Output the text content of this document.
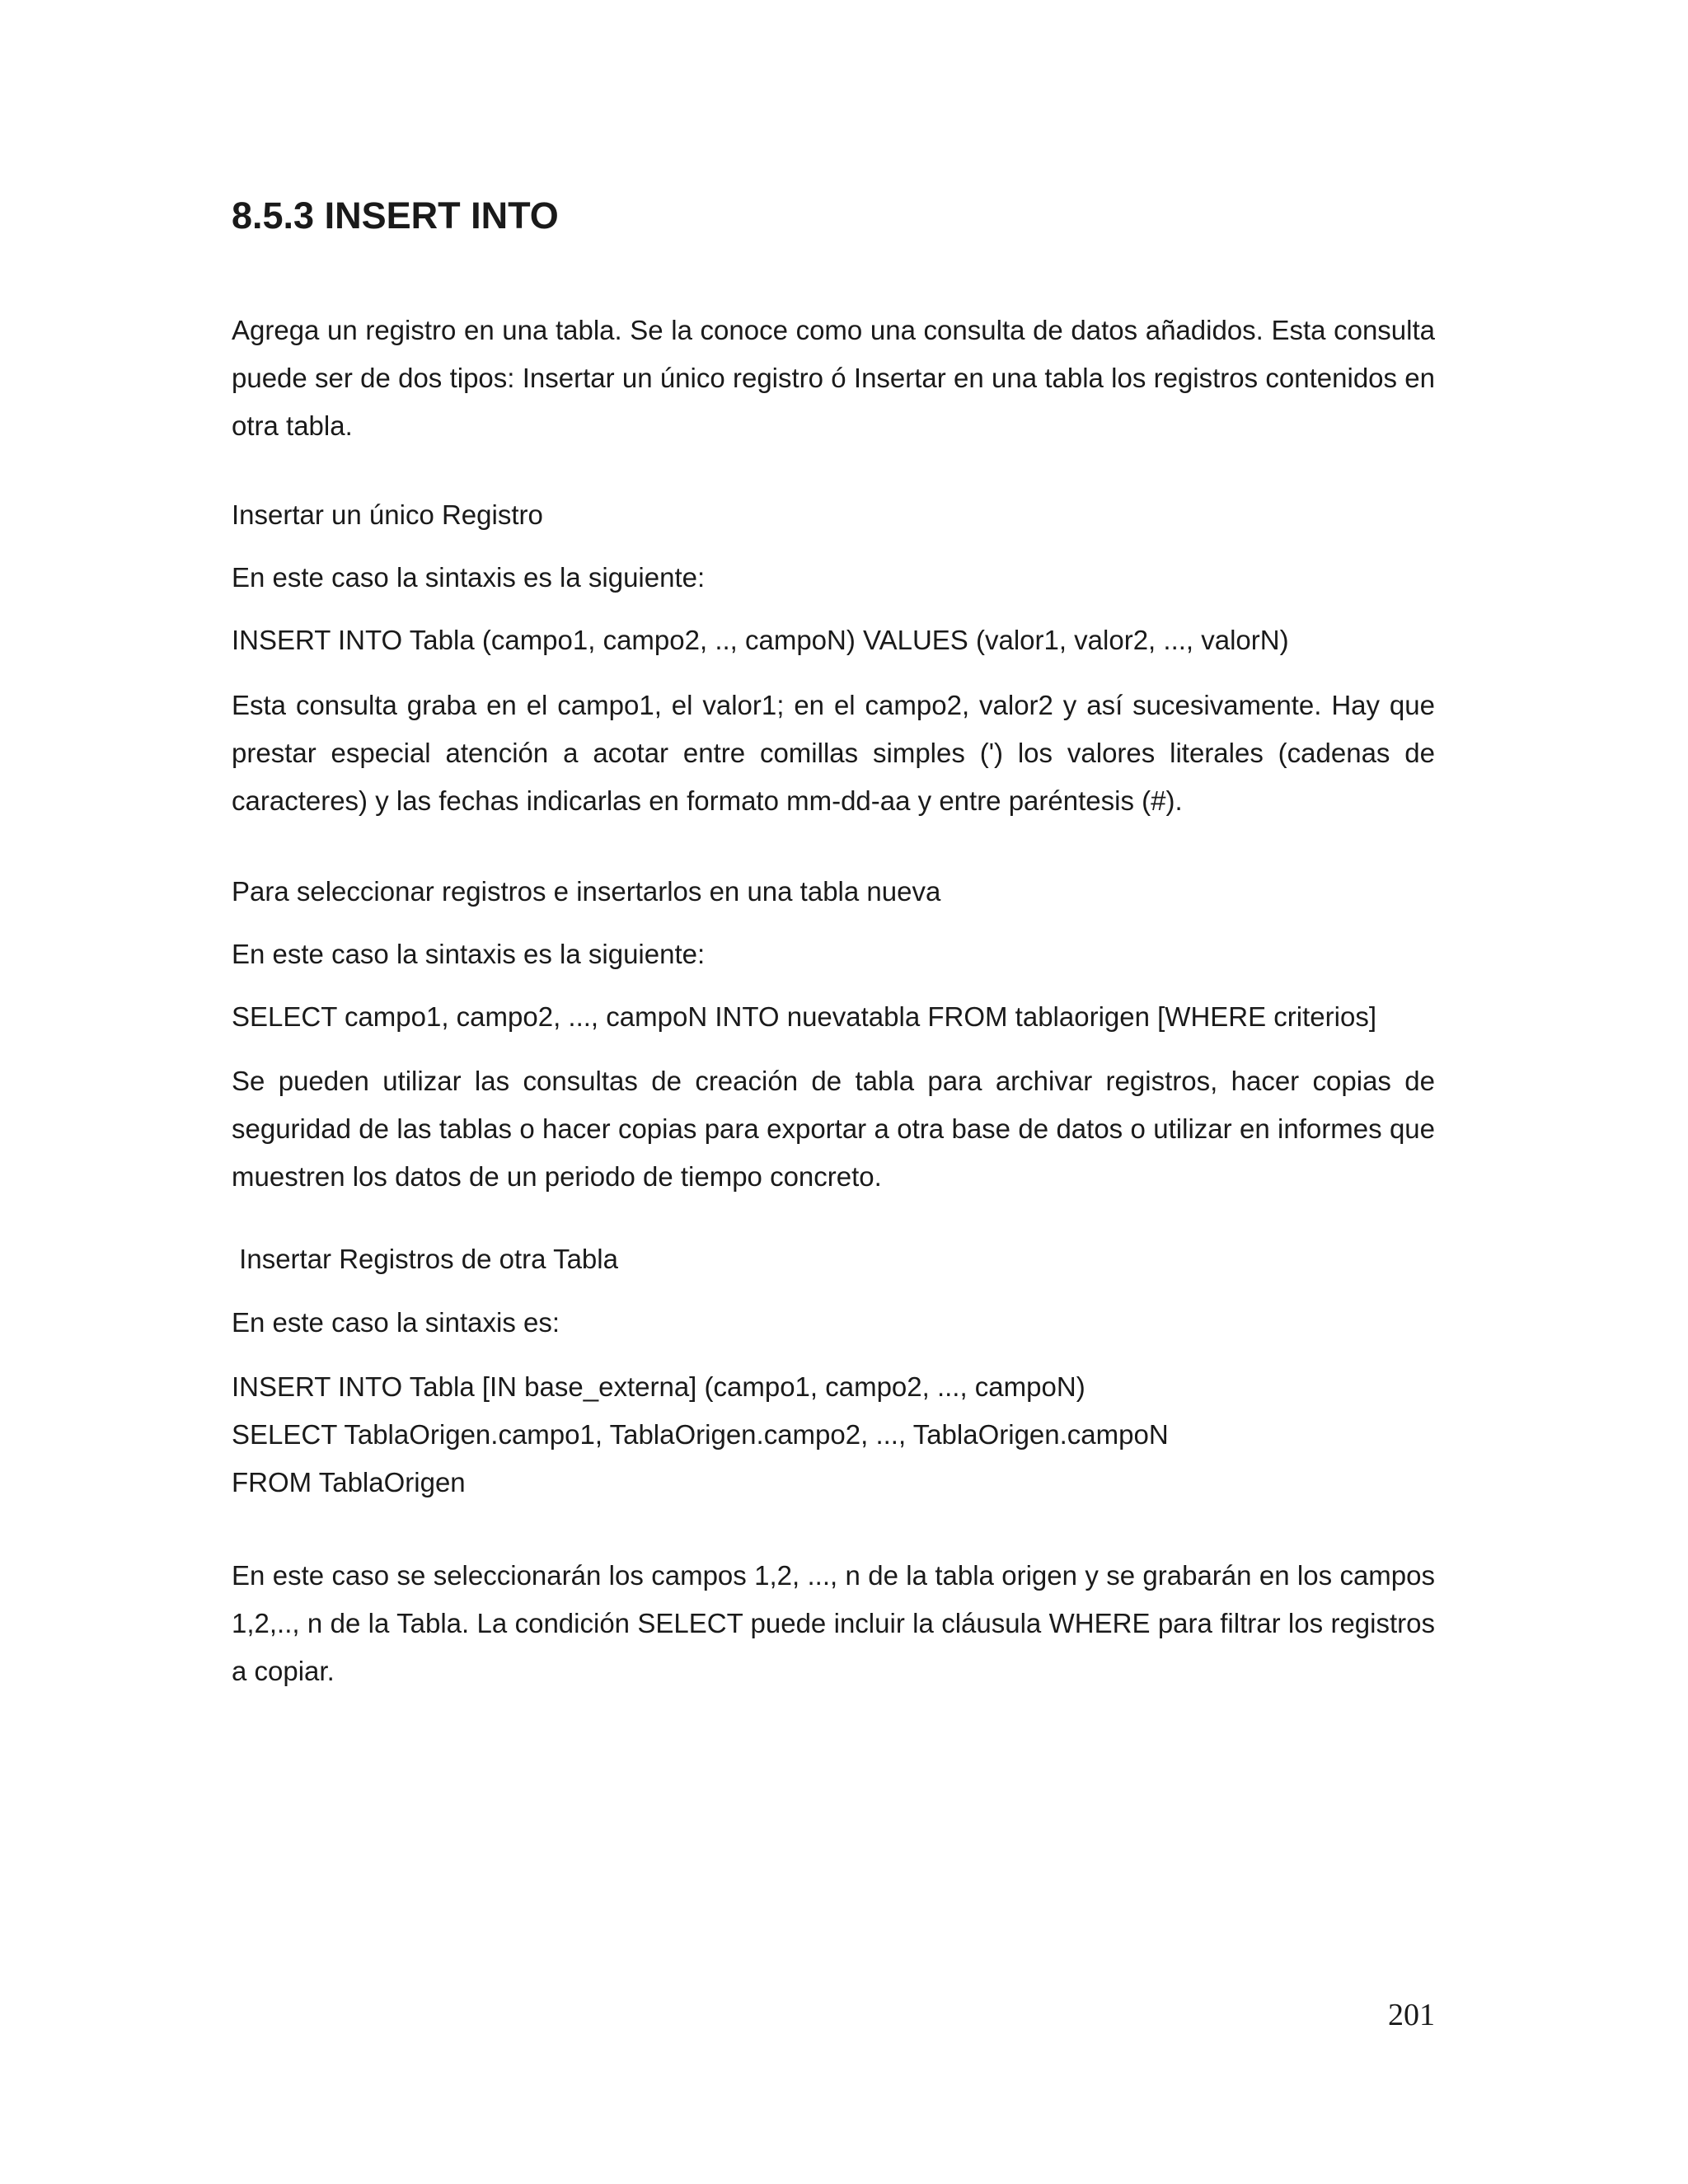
8.5.3 INSERT INTO

Agrega un registro en una tabla. Se la conoce como una consulta de datos añadidos. Esta consulta puede ser de dos tipos: Insertar un único registro ó Insertar en una tabla los registros contenidos en otra tabla.

Insertar un único Registro

En este caso la sintaxis es la siguiente:

INSERT INTO Tabla (campo1, campo2, .., campoN) VALUES (valor1, valor2, ..., valorN)

Esta consulta graba en el campo1, el valor1; en el campo2, valor2 y así sucesivamente. Hay que prestar especial atención a acotar entre comillas simples (') los valores literales (cadenas de caracteres) y las fechas indicarlas en formato mm-dd-aa y entre paréntesis (#).

Para seleccionar registros e insertarlos en una tabla nueva

En este caso la sintaxis es la siguiente:

SELECT campo1, campo2, ..., campoN INTO nuevatabla FROM tablaorigen [WHERE criterios]

Se pueden utilizar las consultas de creación de tabla para archivar registros, hacer copias de seguridad de las tablas o hacer copias para exportar a otra base de datos o utilizar en informes que muestren los datos de un periodo de tiempo concreto.

Insertar Registros de otra Tabla

En este caso la sintaxis es:

INSERT INTO Tabla [IN base_externa] (campo1, campo2, ..., campoN)
SELECT TablaOrigen.campo1, TablaOrigen.campo2, ..., TablaOrigen.campoN
FROM TablaOrigen

En este caso se seleccionarán los campos 1,2, ..., n de la tabla origen y se grabarán en los campos 1,2,.., n de la Tabla. La condición SELECT puede incluir la cláusula WHERE para filtrar los registros a copiar.

201
